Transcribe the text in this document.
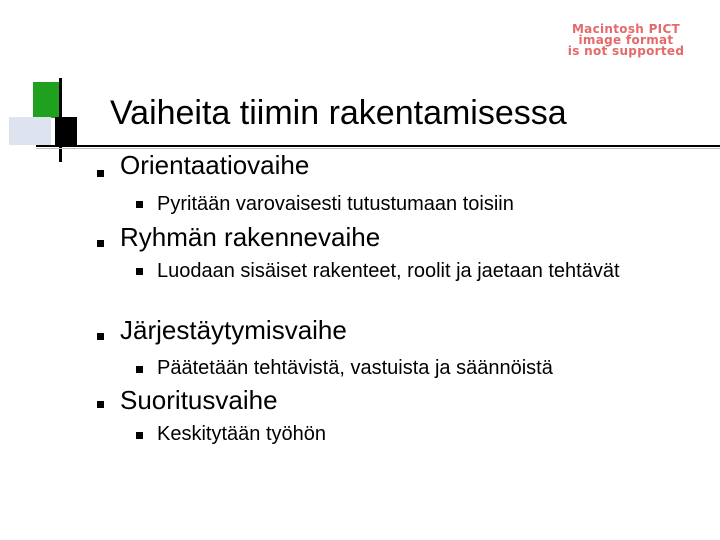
Macintosh PICT
image format
is not supported
Vaiheita tiimin rakentamisessa
Orientaatiovaihe
Pyritään varovaisesti tutustumaan toisiin
Ryhmän rakennevaihe
Luodaan sisäiset rakenteet, roolit ja jaetaan tehtävät
Järjestäytymisvaihe
Päätetään tehtävistä, vastuista ja säännöistä
Suoritusvaihe
Keskitytään työhön
